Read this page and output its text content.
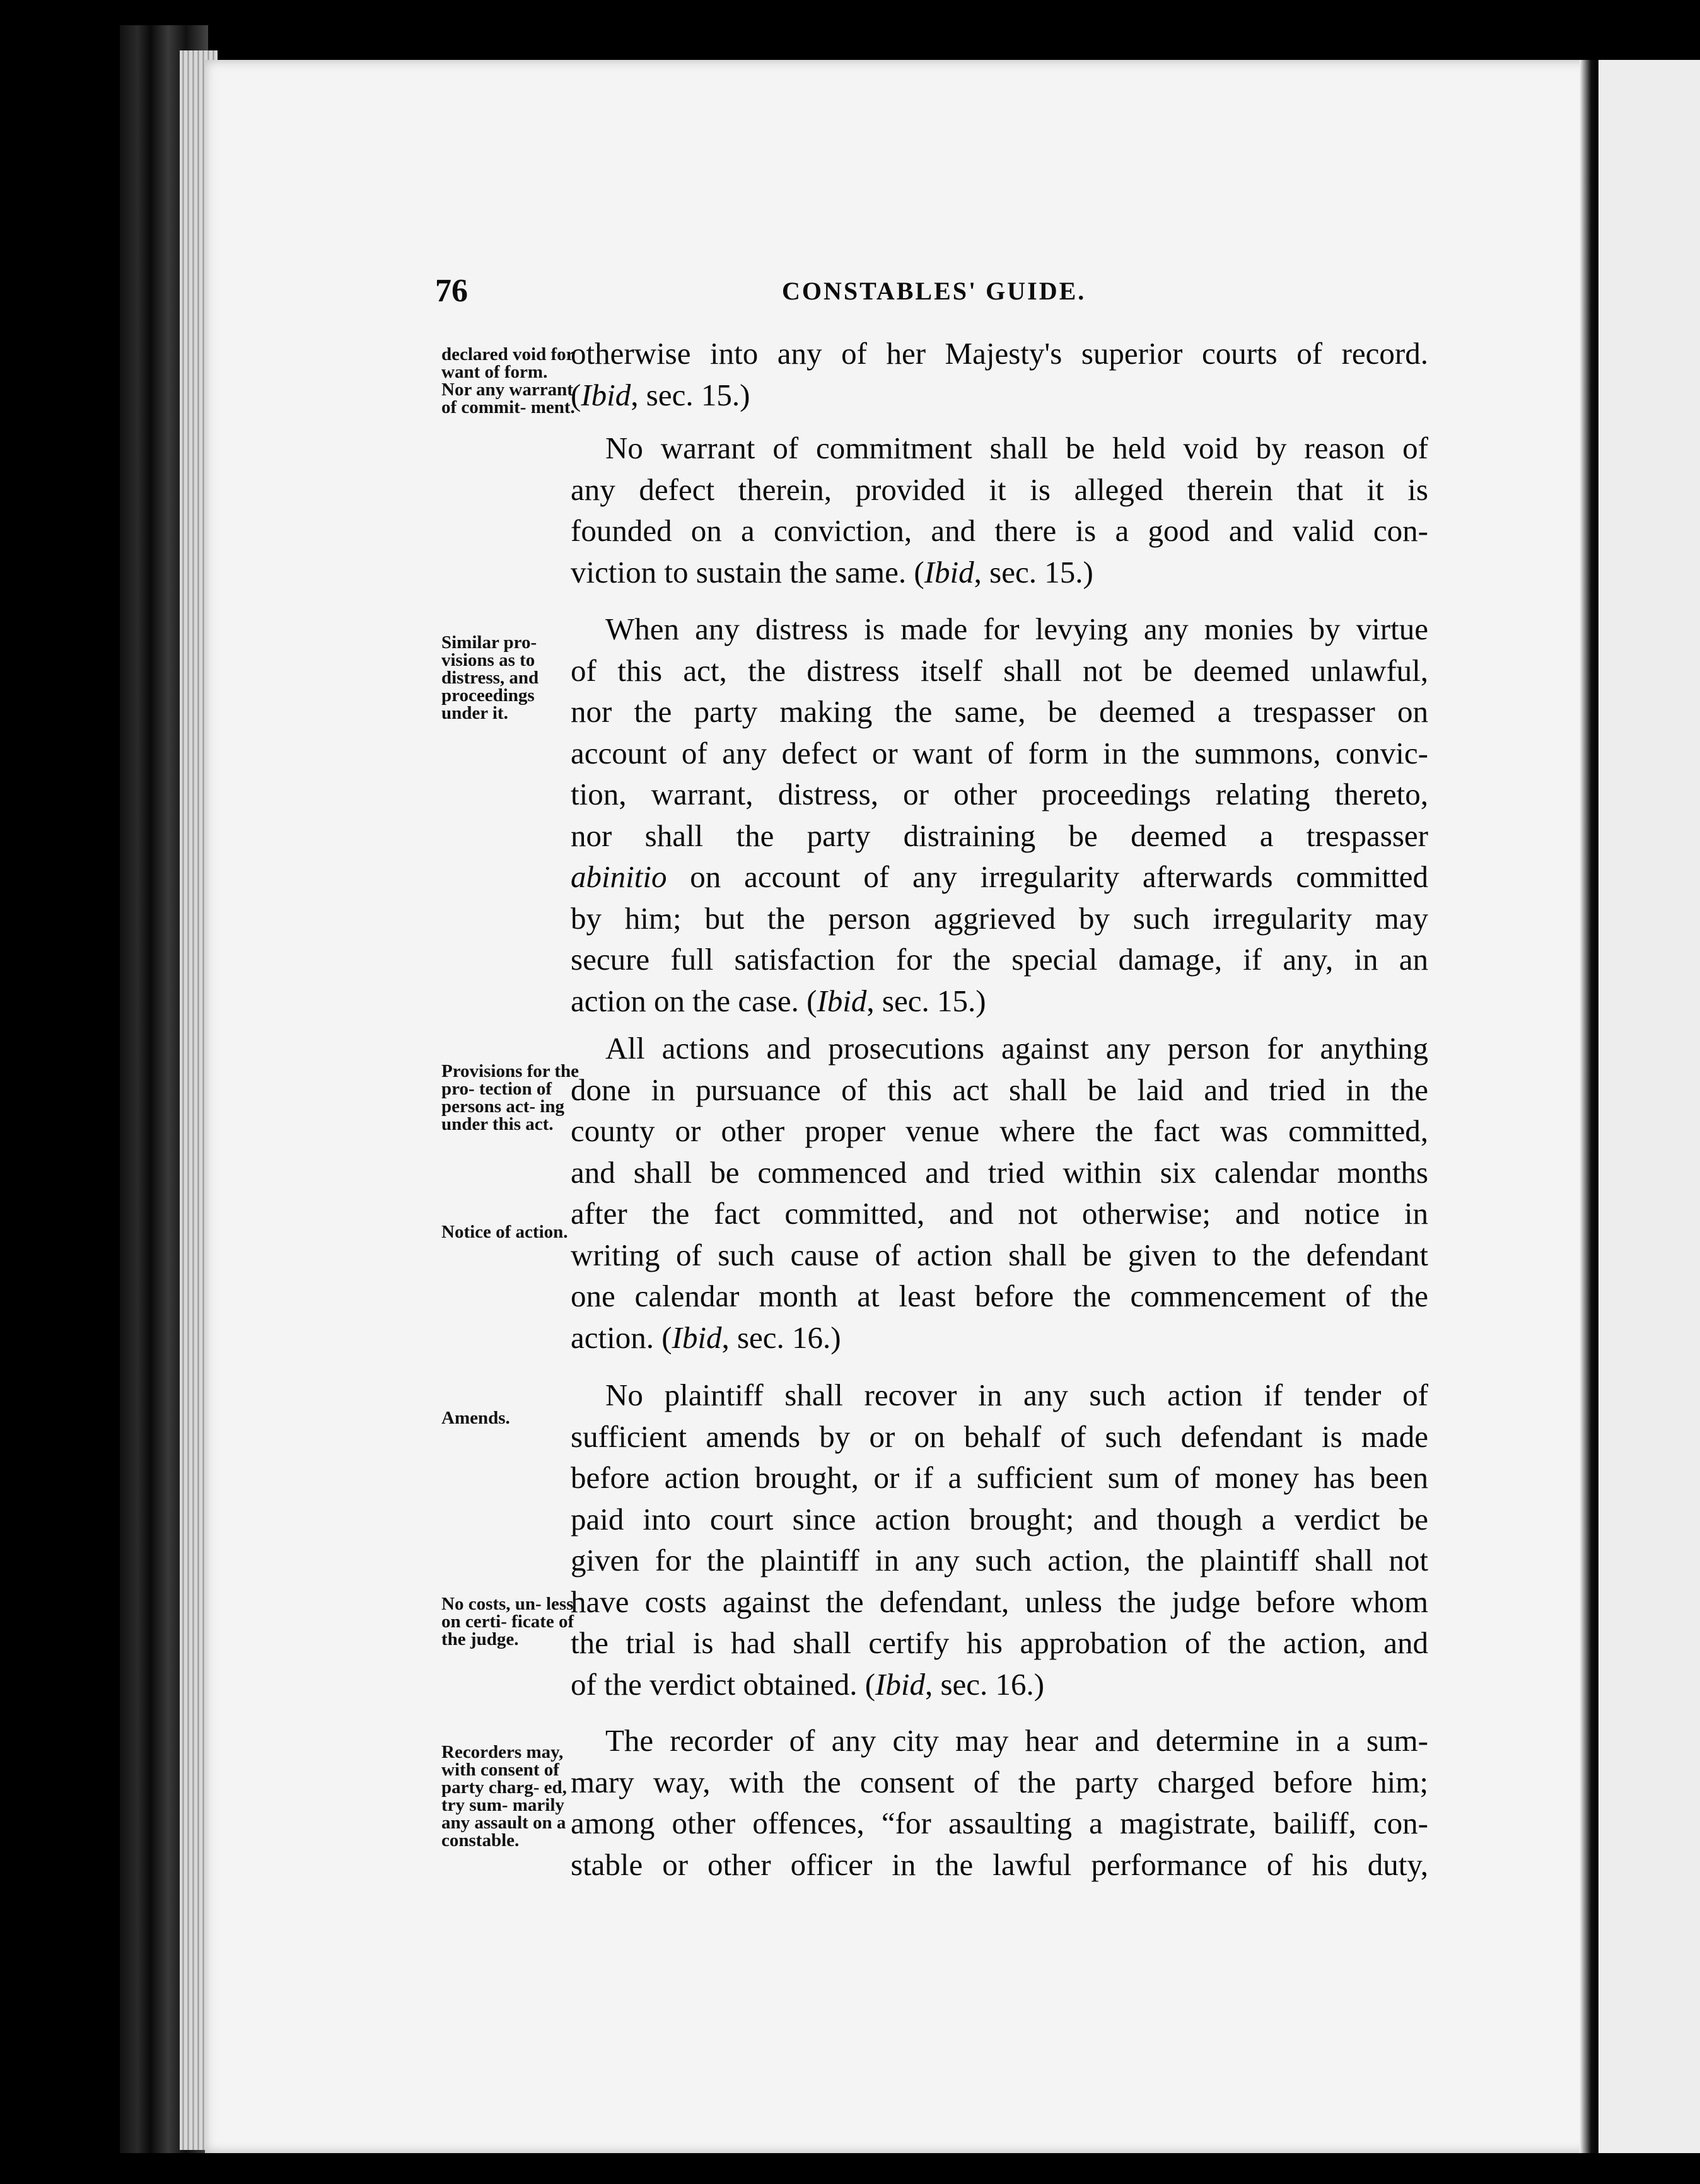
76	CONSTABLES' GUIDE.
declared void for want of form. Nor any warrant of commit- ment.
Similar pro- visions as to distress, and proceedings under it.
Provisions for the pro- tection of persons act- ing under this act.
Notice of action.
Amends.
No costs, un- less on certi- ficate of the judge.
Recorders may, with consent of party charg- ed, try sum- marily any assault on a constable.
otherwise into any of her Majesty's superior courts of record.
(Ibid, sec. 15.)
No warrant of commitment shall be held void by reason of
any defect therein, provided it is alleged therein that it is
founded on a conviction, and there is a good and valid con-
viction to sustain the same. (Ibid, sec. 15.)
When any distress is made for levying any monies by virtue
of this act, the distress itself shall not be deemed unlawful,
nor the party making the same, be deemed a trespasser on
account of any defect or want of form in the summons, convic-
tion, warrant, distress, or other proceedings relating thereto,
nor shall the party distraining be deemed a trespasser
abinitio on account of any irregularity afterwards committed
by him; but the person aggrieved by such irregularity may
secure full satisfaction for the special damage, if any, in an
action on the case. (Ibid, sec. 15.)
All actions and prosecutions against any person for anything
done in pursuance of this act shall be laid and tried in the
county or other proper venue where the fact was committed,
and shall be commenced and tried within six calendar months
after the fact committed, and not otherwise; and notice in
writing of such cause of action shall be given to the defendant
one calendar month at least before the commencement of the
action. (Ibid, sec. 16.)
No plaintiff shall recover in any such action if tender of
sufficient amends by or on behalf of such defendant is made
before action brought, or if a sufficient sum of money has been
paid into court since action brought; and though a verdict be
given for the plaintiff in any such action, the plaintiff shall not
have costs against the defendant, unless the judge before whom
the trial is had shall certify his approbation of the action, and
of the verdict obtained. (Ibid, sec. 16.)
The recorder of any city may hear and determine in a sum-
mary way, with the consent of the party charged before him;
among other offences, “for assaulting a magistrate, bailiff, con-
stable or other officer in the lawful performance of his duty,
